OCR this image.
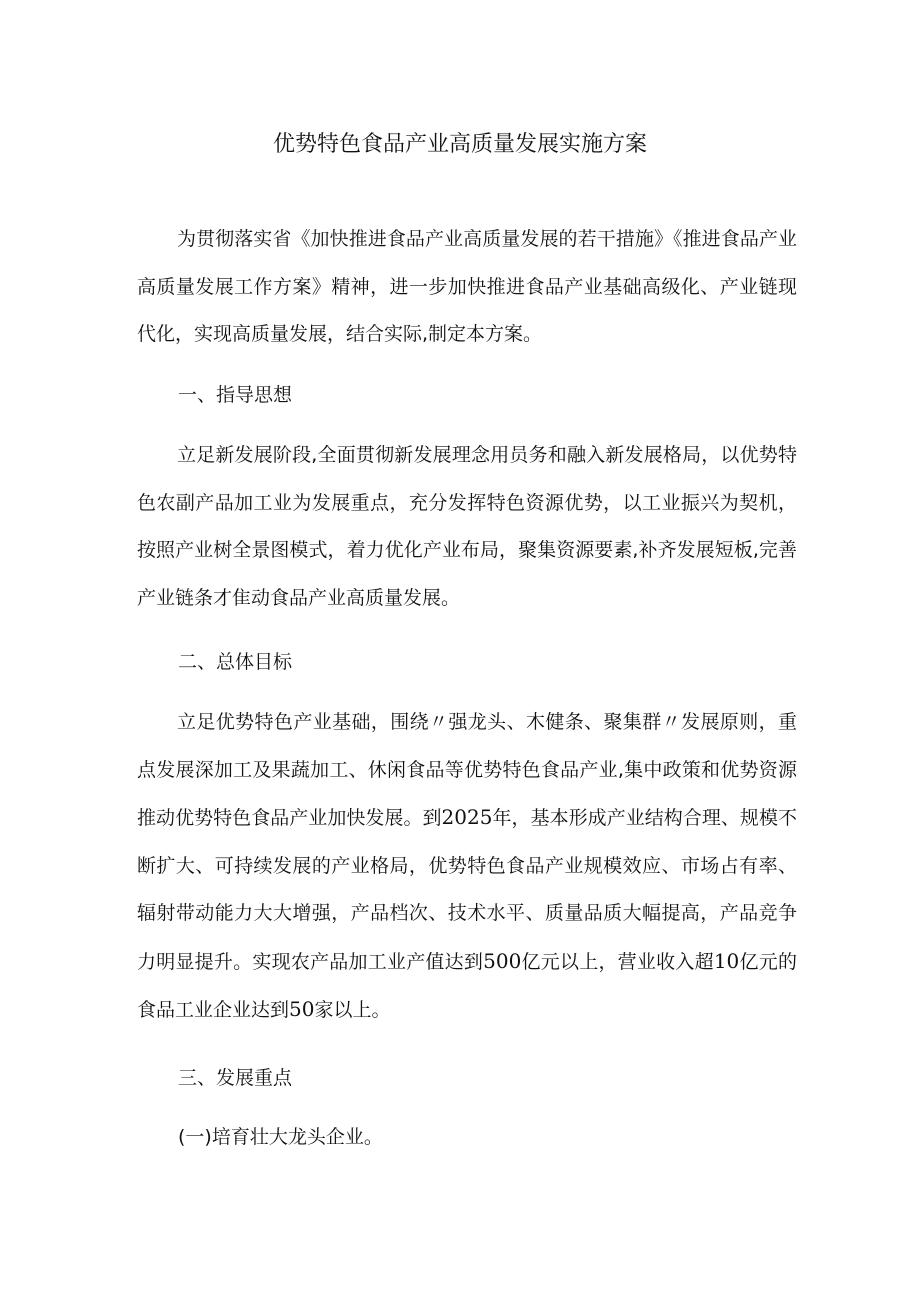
优势特色食品产业高质量发展实施方案

为贯彻落实省《加快推进食品产业高质量发展的若干措施》《推进食品产业高质量发展工作方案》精神，进一步加快推进食品产业基础高级化、产业链现代化，实现高质量发展，结合实际,制定本方案。

一、指导思想

立足新发展阶段,全面贯彻新发展理念用员务和融入新发展格局，以优势特色农副产品加工业为发展重点，充分发挥特色资源优势，以工业振兴为契机，按照产业树全景图模式，着力优化产业布局，聚集资源要素,补齐发展短板,完善产业链条才隹动食品产业高质量发展。

二、总体目标

立足优势特色产业基础，围绕〃强龙头、木健条、聚集群〃发展原则，重点发展深加工及果蔬加工、休闲食品等优势特色食品产业,集中政策和优势资源推动优势特色食品产业加快发展。到2025年，基本形成产业结构合理、规模不断扩大、可持续发展的产业格局，优势特色食品产业规模效应、市场占有率、辐射带动能力大大增强，产品档次、技术水平、质量品质大幅提高，产品竞争力明显提升。实现农产品加工业产值达到500亿元以上，营业收入超10亿元的食品工业企业达到50家以上。

三、发展重点
(一)培育壮大龙头企业。
